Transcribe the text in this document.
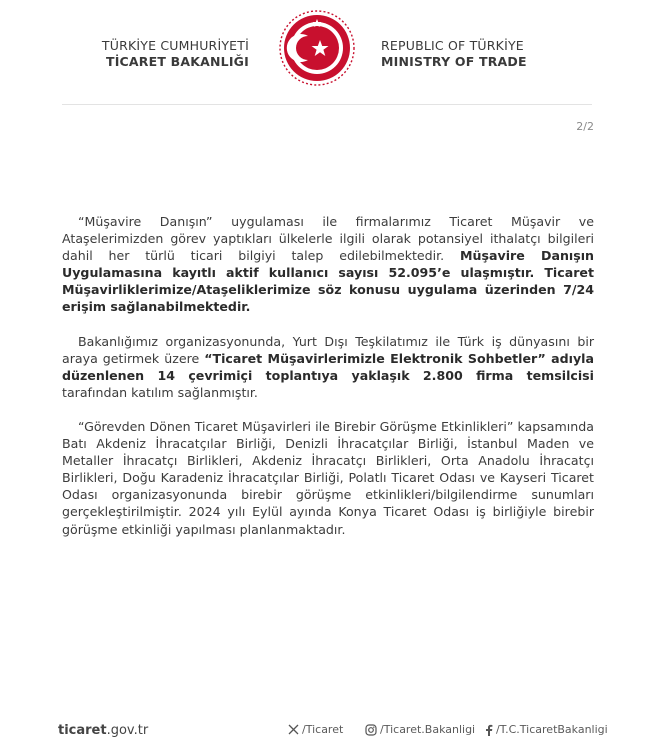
TÜRKİYE CUMHURİYETİ
TİCARET BAKANLIĞI
REPUBLIC OF TÜRKİYE
MINISTRY OF TRADE
2/2

“Müşavire Danışın” uygulaması ile firmalarımız Ticaret Müşavir ve Ataşelerimizden görev yaptıkları ülkelerle ilgili olarak potansiyel ithalatçı bilgileri dahil her türlü ticari bilgiyi talep edilebilmektedir. Müşavire Danışın Uygulamasına kayıtlı aktif kullanıcı sayısı 52.095’e ulaşmıştır. Ticaret Müşavirliklerimize/Ataşeliklerimize söz konusu uygulama üzerinden 7/24 erişim sağlanabilmektedir.

Bakanlığımız organizasyonunda, Yurt Dışı Teşkilatımız ile Türk iş dünyasını bir araya getirmek üzere “Ticaret Müşavirlerimizle Elektronik Sohbetler” adıyla düzenlenen 14 çevrimiçi toplantıya yaklaşık 2.800 firma temsilcisi tarafından katılım sağlanmıştır.

“Görevden Dönen Ticaret Müşavirleri ile Birebir Görüşme Etkinlikleri” kapsamında Batı Akdeniz İhracatçılar Birliği, Denizli İhracatçılar Birliği, İstanbul Maden ve Metaller İhracatçı Birlikleri, Akdeniz İhracatçı Birlikleri, Orta Anadolu İhracatçı Birlikleri, Doğu Karadeniz İhracatçılar Birliği, Polatlı Ticaret Odası ve Kayseri Ticaret Odası organizasyonunda birebir görüşme etkinlikleri/bilgilendirme sunumları gerçekleştirilmiştir. 2024 yılı Eylül ayında Konya Ticaret Odası iş birliğiyle birebir görüşme etkinliği yapılması planlanmaktadır.

ticaret.gov.tr	/Ticaret	/Ticaret.Bakanligi /T.C.TicaretBakanligi
